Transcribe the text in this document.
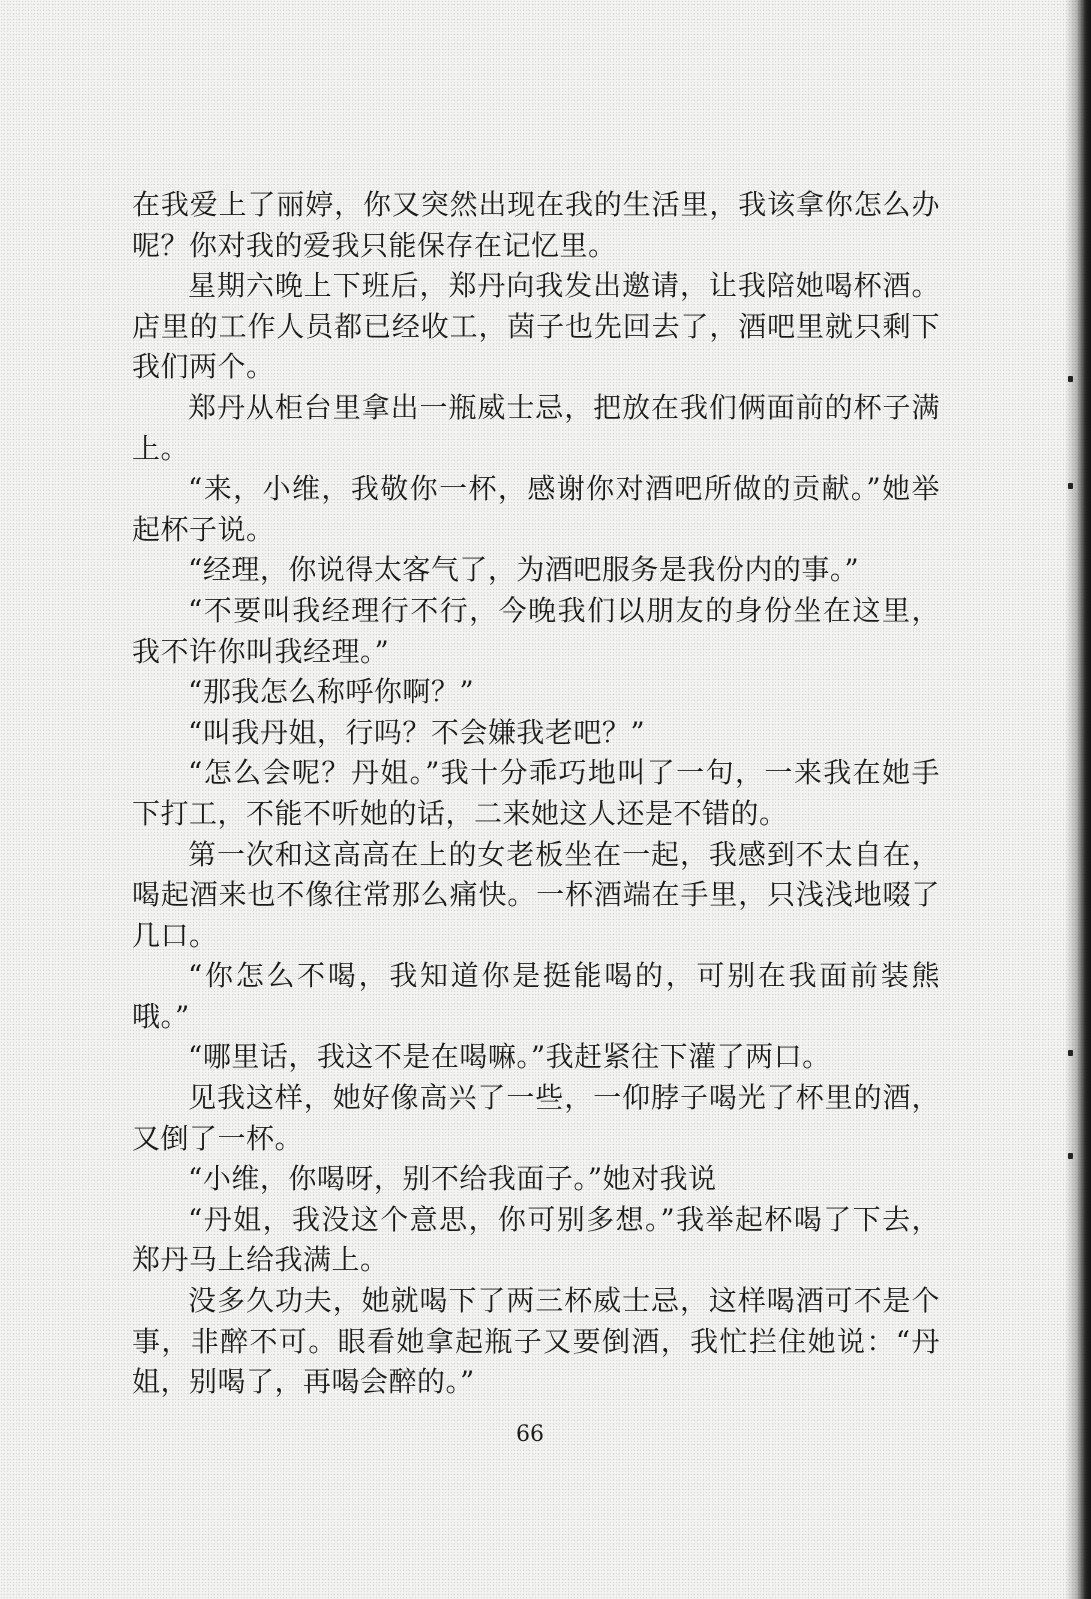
在我爱上了丽婷，你又突然出现在我的生活里，我该拿你怎么办呢？你对我的爱我只能保存在记忆里。

星期六晚上下班后，郑丹向我发出邀请，让我陪她喝杯酒。店里的工作人员都已经收工，茵子也先回去了，酒吧里就只剩下我们两个。

郑丹从柜台里拿出一瓶威士忌，把放在我们俩面前的杯子满上。

“来，小维，我敬你一杯，感谢你对酒吧所做的贡献。”她举起杯子说。

“经理，你说得太客气了，为酒吧服务是我份内的事。”

“不要叫我经理行不行，今晚我们以朋友的身份坐在这里，我不许你叫我经理。”

“那我怎么称呼你啊？”

“叫我丹姐，行吗？不会嫌我老吧？”

“怎么会呢？丹姐。”我十分乖巧地叫了一句，一来我在她手下打工，不能不听她的话，二来她这人还是不错的。

第一次和这高高在上的女老板坐在一起，我感到不太自在，喝起酒来也不像往常那么痛快。一杯酒端在手里，只浅浅地啜了几口。

“你怎么不喝，我知道你是挺能喝的，可别在我面前装熊哦。”

“哪里话，我这不是在喝嘛。”我赶紧往下灌了两口。

见我这样，她好像高兴了一些，一仰脖子喝光了杯里的酒，又倒了一杯。

“小维，你喝呀，别不给我面子。”她对我说

“丹姐，我没这个意思，你可别多想。”我举起杯喝了下去，郑丹马上给我满上。

没多久功夫，她就喝下了两三杯威士忌，这样喝酒可不是个事，非醉不可。眼看她拿起瓶子又要倒酒，我忙拦住她说：“丹姐，别喝了，再喝会醉的。”

66
